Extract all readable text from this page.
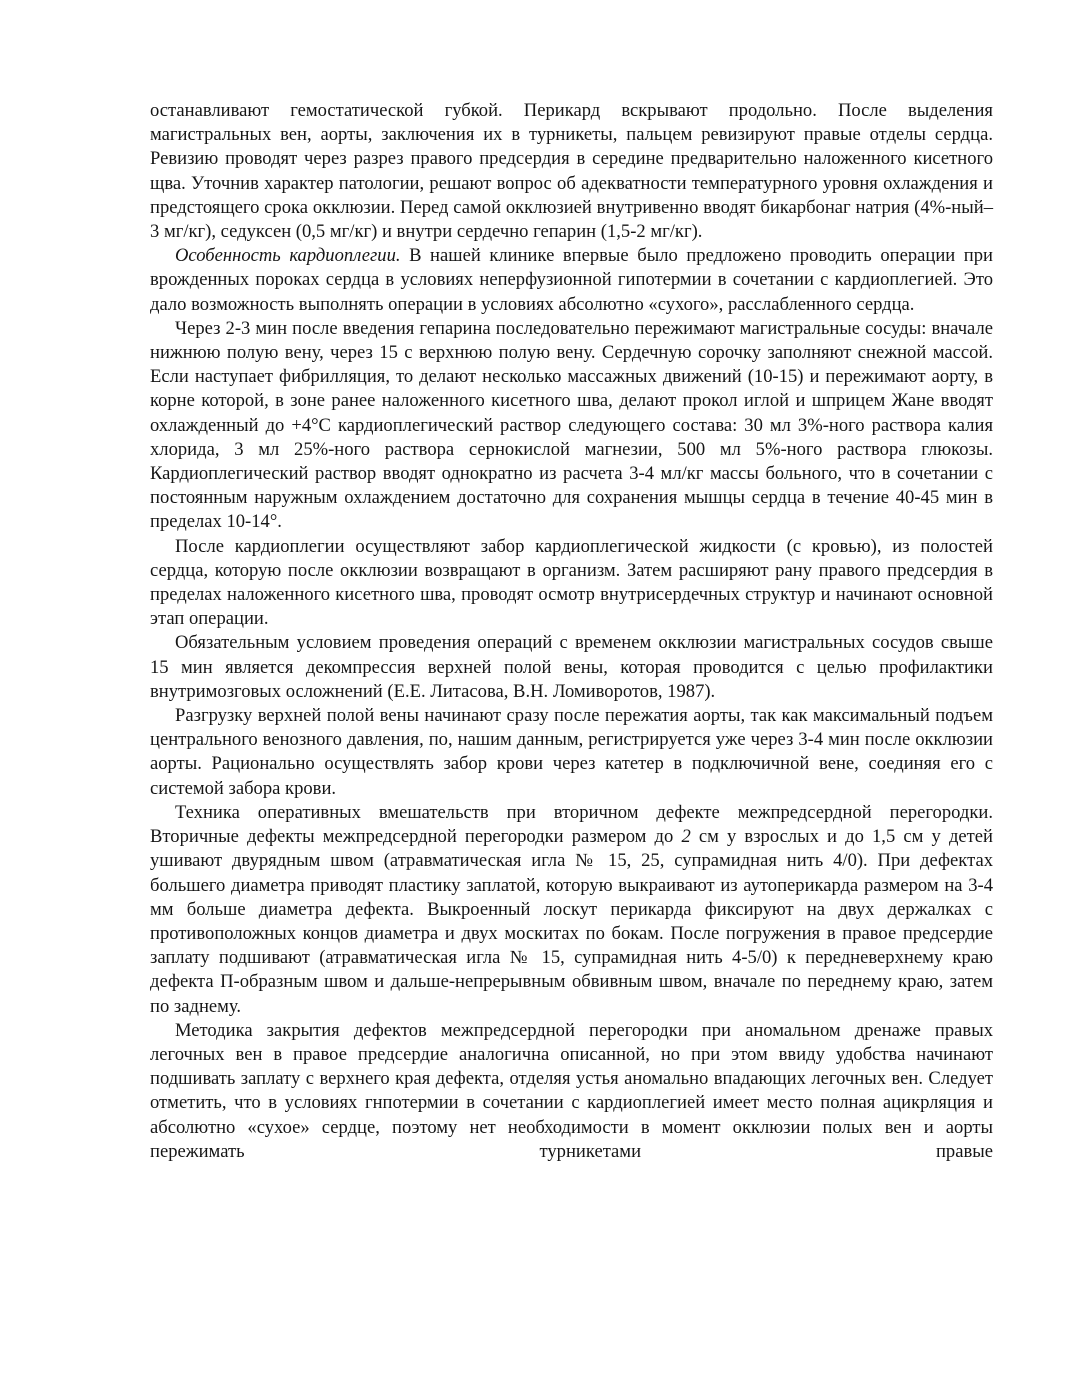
останавливают гемостатической губкой. Перикард вскрывают продольно. После выделения магистральных вен, аорты, заключения их в турникеты, пальцем ревизируют правые отделы сердца. Ревизию проводят через разрез правого предсердия в середине предварительно наложенного кисетного щва. Уточнив характер патологии, решают вопрос об адекватности температурного уровня охлаждения и предстоящего срока окклюзии. Перед самой окклюзией внутривенно вводят бикарбонаг натрия (4%-ный–3 мг/кг), седуксен (0,5 мг/кг) и внутри сердечно гепарин (1,5-2 мг/кг).

Особенность кардиоплегии. В нашей клинике впервые было предложено проводить операции при врожденных пороках сердца в условиях неперфузионной гипотермии в сочетании с кардиоплегией. Это дало возможность выполнять операции в условиях абсолютно «сухого», расслабленного сердца.

Через 2-3 мин после введения гепарина последовательно пережимают магистральные сосуды: вначале нижнюю полую вену, через 15 с верхнюю полую вену. Сердечную сорочку заполняют снежной массой. Если наступает фибрилляция, то делают несколько массажных движений (10-15) и пережимают аорту, в корне которой, в зоне ранее наложенного кисетного шва, делают прокол иглой и шприцем Жане вводят охлажденный до +4°С кардиоплегический раствор следующего состава: 30 мл 3%-ного раствора калия хлорида, 3 мл 25%-ного раствора сернокислой магнезии, 500 мл 5%-ного раствора глюкозы. Кардиоплегический раствор вводят однократно из расчета 3-4 мл/кг массы больного, что в сочетании с постоянным наружным охлаждением достаточно для сохранения мышцы сердца в течение 40-45 мин в пределах 10-14°.

После кардиоплегии осуществляют забор кардиоплегической жидкости (с кровью), из полостей сердца, которую после окклюзии возвращают в организм. Затем расширяют рану правого предсердия в пределах наложенного кисетного шва, проводят осмотр внутрисердечных структур и начинают основной этап операции.

Обязательным условием проведения операций с временем окклюзии магистральных сосудов свыше 15 мин является декомпрессия верхней полой вены, которая проводится с целью профилактики внутримозговых осложнений (Е.Е. Литасова, В.Н. Ломиворотов, 1987).

Разгрузку верхней полой вены начинают сразу после пережатия аорты, так как максимальный подъем центрального венозного давления, по, нашим данным, регистрируется уже через 3-4 мин после окклюзии аорты. Рационально осуществлять забор крови через катетер в подключичной вене, соединяя его с системой забора крови.

Техника оперативных вмешательств при вторичном дефекте межпредсердной перегородки. Вторичные дефекты межпредсердной перегородки размером до 2 см у взрослых и до 1,5 см у детей ушивают двурядным швом (атравматическая игла № 15, 25, супрамидная нить 4/0). При дефектах большего диаметра приводят пластику заплатой, которую выкраивают из аутоперикарда размером на 3-4 мм больше диаметра дефекта. Выкроенный лоскут перикарда фиксируют на двух держалках с противоположных концов диаметра и двух москитах по бокам. После погружения в правое предсердие заплату подшивают (атравматическая игла № 15, супрамидная нить 4-5/0) к передневерхнему краю дефекта П-образным швом и дальше-непрерывным обвивным швом, вначале по переднему краю, затем по заднему.

Методика закрытия дефектов межпредсердной перегородки при аномальном дренаже правых легочных вен в правое предсердие аналогична описанной, но при этом ввиду удобства начинают подшивать заплату с верхнего края дефекта, отделяя устья аномально впадающих легочных вен. Следует отметить, что в условиях гнпотермии в сочетании с кардиоплегией имеет место полная ацикрляция и абсолютно «сухое» сердце, поэтому нет необходимости в момент окклюзии полых вен и аорты пережимать турникетами правые
